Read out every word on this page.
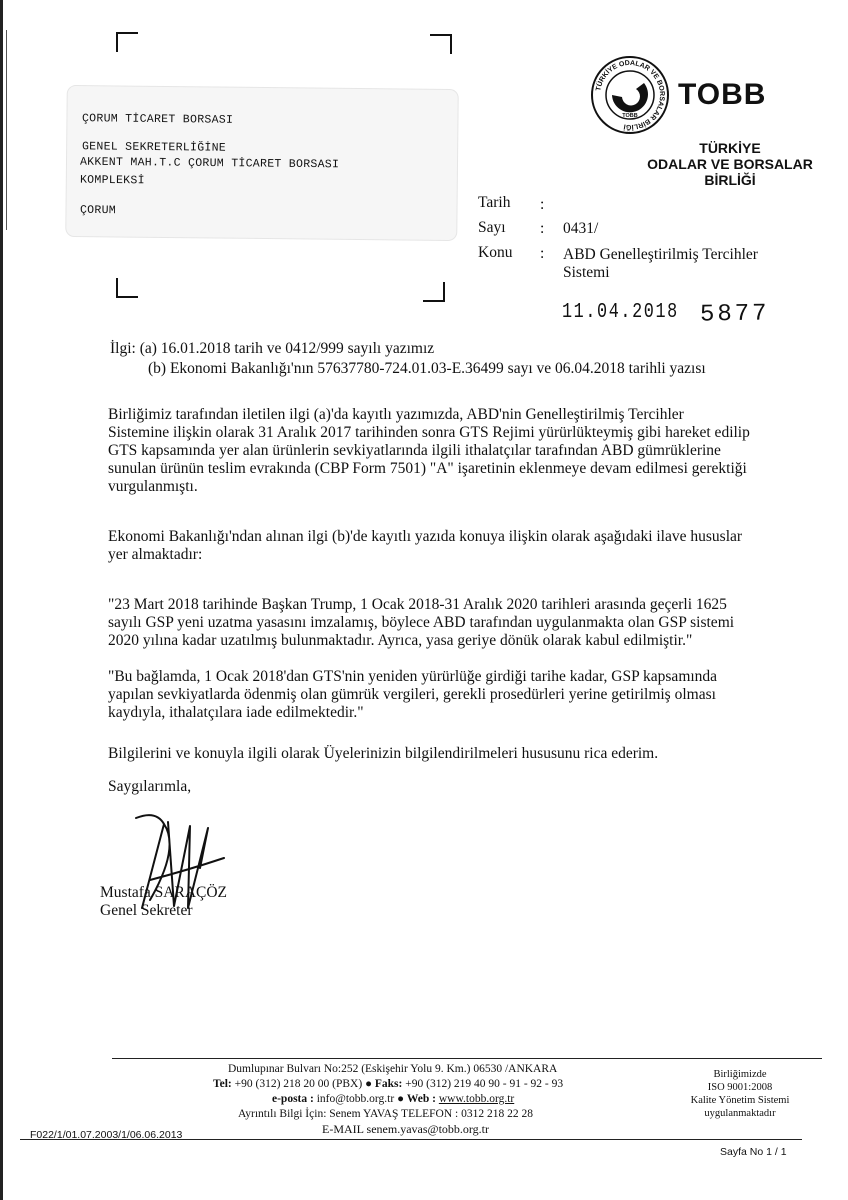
ÇORUM TİCARET BORSASI
GENEL SEKRETERLİĞİNE
AKKENT MAH.T.C ÇORUM TİCARET BORSASI
KOMPLEKSİ
ÇORUM
TÜRKİYE ODALAR VE BORSALAR BİRLİĞİ
TOBB
TOBB
TÜRKİYE
ODALAR VE BORSALAR
BİRLİĞİ
Tarih :
Sayı : 0431/
Konu : ABD Genelleştirilmiş Tercihler
Sistemi
11.04.2018 5877
İlgi: (a) 16.01.2018 tarih ve 0412/999 sayılı yazımız
(b) Ekonomi Bakanlığı'nın 57637780-724.01.03-E.36499 sayı ve 06.04.2018 tarihli yazısı

Birliğimiz tarafından iletilen ilgi (a)'da kayıtlı yazımızda, ABD'nin Genelleştirilmiş Tercihler

Sistemine ilişkin olarak 31 Aralık 2017 tarihinden sonra GTS Rejimi yürürlükteymiş gibi hareket edilip

GTS kapsamında yer alan ürünlerin sevkiyatlarında ilgili ithalatçılar tarafından ABD gümrüklerine

sunulan ürünün teslim evrakında (CBP Form 7501) "A" işaretinin eklenmeye devam edilmesi gerektiği

vurgulanmıştı.

Ekonomi Bakanlığı'ndan alınan ilgi (b)'de kayıtlı yazıda konuya ilişkin olarak aşağıdaki ilave hususlar

yer almaktadır:

"23 Mart 2018 tarihinde Başkan Trump, 1 Ocak 2018-31 Aralık 2020 tarihleri arasında geçerli 1625

sayılı GSP yeni uzatma yasasını imzalamış, böylece ABD tarafından uygulanmakta olan GSP sistemi

2020 yılına kadar uzatılmış bulunmaktadır. Ayrıca, yasa geriye dönük olarak kabul edilmiştir."

"Bu bağlamda, 1 Ocak 2018'dan GTS'nin yeniden yürürlüğe girdiği tarihe kadar, GSP kapsamında

yapılan sevkiyatlarda ödenmiş olan gümrük vergileri, gerekli prosedürleri yerine getirilmiş olması

kaydıyla, ithalatçılara iade edilmektedir."

Bilgilerini ve konuyla ilgili olarak Üyelerinizin bilgilendirilmeleri hususunu rica ederim.
Saygılarımla,
Mustafa SARAÇÖZ
Genel Sekreter
Dumlupınar Bulvarı No:252 (Eskişehir Yolu 9. Km.) 06530 /ANKARA
Tel: +90 (312) 218 20 00 (PBX) ● Faks: +90 (312) 219 40 90 - 91 - 92 - 93
e-posta : info@tobb.org.tr ● Web : www.tobb.org.tr
Ayrıntılı Bilgi İçin: Senem YAVAŞ TELEFON : 0312 218 22 28
E-MAIL senem.yavas@tobb.org.tr
Birliğimizde
ISO 9001:2008
Kalite Yönetim Sistemi
uygulanmaktadır
F022/1/01.07.2003/1/06.06.2013
Sayfa No 1 / 1
